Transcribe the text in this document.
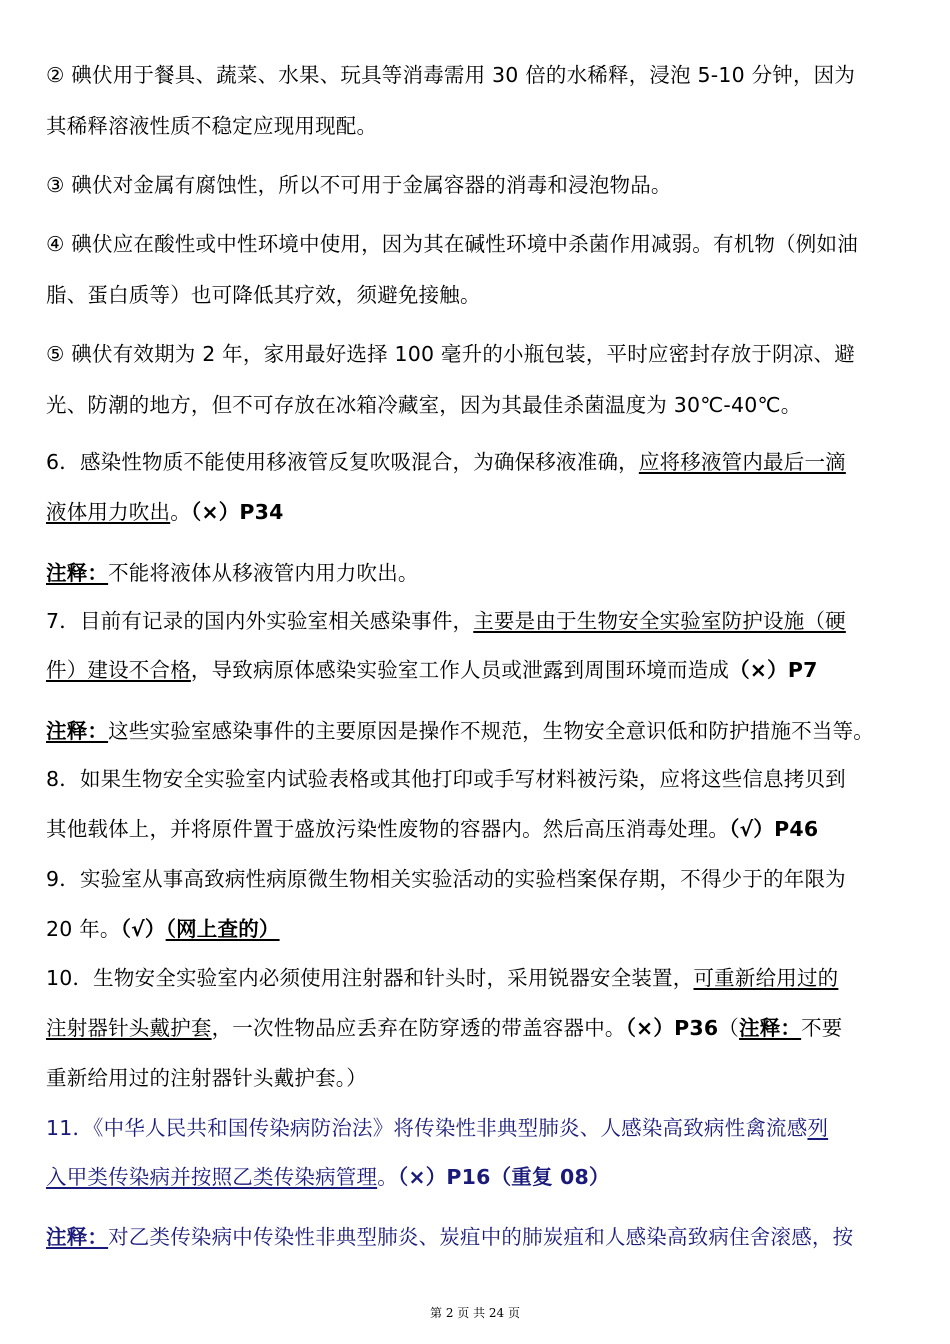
② 碘伏用于餐具、蔬菜、水果、玩具等消毒需用 30 倍的水稀释，浸泡 5-10 分钟，因为
其稀释溶液性质不稳定应现用现配。
③ 碘伏对金属有腐蚀性，所以不可用于金属容器的消毒和浸泡物品。
④ 碘伏应在酸性或中性环境中使用，因为其在碱性环境中杀菌作用减弱。有机物（例如油
脂、蛋白质等）也可降低其疗效，须避免接触。
⑤ 碘伏有效期为 2 年，家用最好选择 100 毫升的小瓶包装，平时应密封存放于阴凉、避
光、防潮的地方，但不可存放在冰箱冷藏室，因为其最佳杀菌温度为 30℃-40℃。
6．感染性物质不能使用移液管反复吹吸混合，为确保移液准确，应将移液管内最后一滴
液体用力吹出。（×）P34
注释：不能将液体从移液管内用力吹出。
7．目前有记录的国内外实验室相关感染事件，主要是由于生物安全实验室防护设施（硬
件）建设不合格，导致病原体感染实验室工作人员或泄露到周围环境而造成（×）P7
注释：这些实验室感染事件的主要原因是操作不规范，生物安全意识低和防护措施不当等。
8．如果生物安全实验室内试验表格或其他打印或手写材料被污染，应将这些信息拷贝到
其他载体上，并将原件置于盛放污染性废物的容器内。然后高压消毒处理。（√）P46
9．实验室从事高致病性病原微生物相关实验活动的实验档案保存期，不得少于的年限为
20 年。（√）（网上查的）
10．生物安全实验室内必须使用注射器和针头时，采用锐器安全装置，可重新给用过的
注射器针头戴护套，一次性物品应丢弃在防穿透的带盖容器中。（×）P36（注释：不要
重新给用过的注射器针头戴护套。）
11．《中华人民共和国传染病防治法》将传染性非典型肺炎、人感染高致病性禽流感列
入甲类传染病并按照乙类传染病管理。（×）P16（重复 08）
注释：对乙类传染病中传染性非典型肺炎、炭疽中的肺炭疽和人感染高致病住舍滚感，按
第 2 页 共 24 页
